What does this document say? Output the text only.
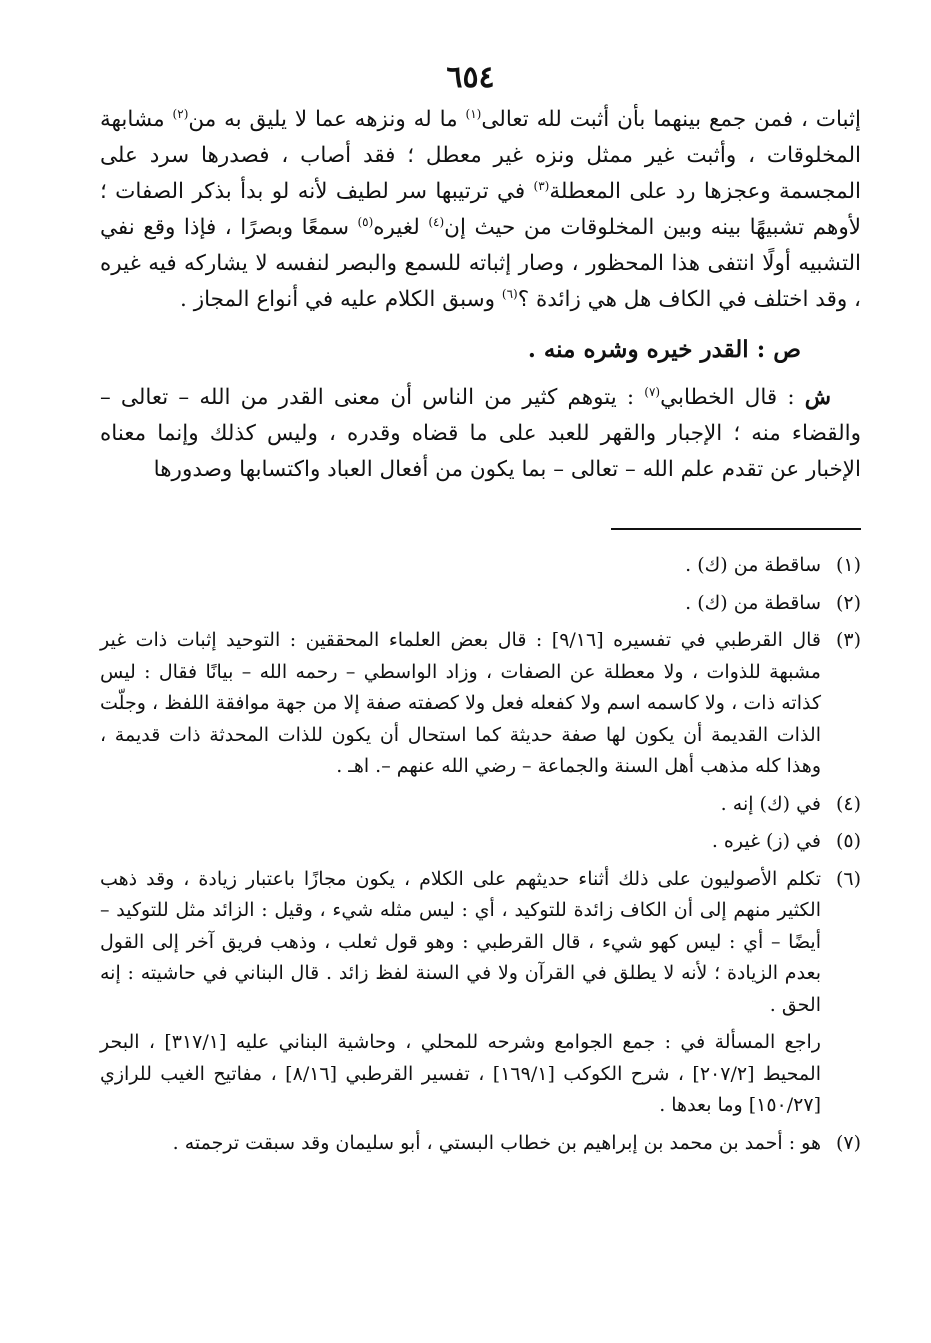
٦٥٤

إثبات ، فمن جمع بينهما بأن أثبت لله تعالى$^{(١)}$ ما له ونزهه عما لا يليق به من$^{(٢)}$ مشابهة المخلوقات ، وأثبت غير ممثل ونزه غير معطل ؛ فقد أصاب ، فصدرها سرد على المجسمة وعجزها رد على المعطلة$^{(٣)}$ في ترتيبها سر لطيف لأنه لو بدأ بذكر الصفات ؛ لأوهم تشبيهًا بينه وبين المخلوقات من حيث إن$^{(٤)}$ لغيره$^{(٥)}$ سمعًا وبصرًا ، فإذا وقع نفي التشبيه أولًا انتفى هذا المحظور ، وصار إثباته للسمع والبصر لنفسه لا يشاركه فيه غيره ، وقد اختلف في الكاف هل هي زائدة ؟$^{(٦)}$ وسبق الكلام عليه في أنواع المجاز .

ص : القدر خيره وشره منه .

ش : قال الخطابي$^{(٧)}$ : يتوهم كثير من الناس أن معنى القدر من الله – تعالى – والقضاء منه ؛ الإجبار والقهر للعبد على ما قضاه وقدره ، وليس كذلك وإنما معناه الإخبار عن تقدم علم الله – تعالى – بما يكون من أفعال العباد واكتسابها وصدورها

(١)
ساقطة من (ك) .
(٢)
ساقطة من (ك) .
(٣)
قال القرطبي في تفسيره [٩/١٦] : قال بعض العلماء المحققين : التوحيد إثبات ذات غير مشبهة للذوات ، ولا معطلة عن الصفات ، وزاد الواسطي – رحمه الله – بيانًا فقال : ليس كذاته ذات ، ولا كاسمه اسم ولا كفعله فعل ولا كصفته صفة إلا من جهة موافقة اللفظ ، وجلّت الذات القديمة أن يكون لها صفة حديثة كما استحال أن يكون للذات المحدثة ذات قديمة ، وهذا كله مذهب أهل السنة والجماعة – رضي الله عنهم –. اهـ .
(٤)
في (ك) إنه .
(٥)
في (ز) غيره .
(٦)
تكلم الأصوليون على ذلك أثناء حديثهم على الكلام ، يكون مجازًا باعتبار زيادة ، وقد ذهب الكثير منهم إلى أن الكاف زائدة للتوكيد ، أي : ليس مثله شيء ، وقيل : الزائد مثل للتوكيد – أيضًا – أي : ليس كهو شيء ، قال القرطبي : وهو قول ثعلب ، وذهب فريق آخر إلى القول بعدم الزيادة ؛ لأنه لا يطلق في القرآن ولا في السنة لفظ زائد . قال البناني في حاشيته : إنه الحق .
راجع المسألة في : جمع الجوامع وشرحه للمحلي ، وحاشية البناني عليه [٣١٧/١] ، البحر المحيط [٢٠٧/٢] ، شرح الكوكب [١٦٩/١] ، تفسير القرطبي [٨/١٦] ، مفاتيح الغيب للرازي [١٥٠/٢٧] وما بعدها .
(٧)
هو : أحمد بن محمد بن إبراهيم بن خطاب البستي ، أبو سليمان وقد سبقت ترجمته .
